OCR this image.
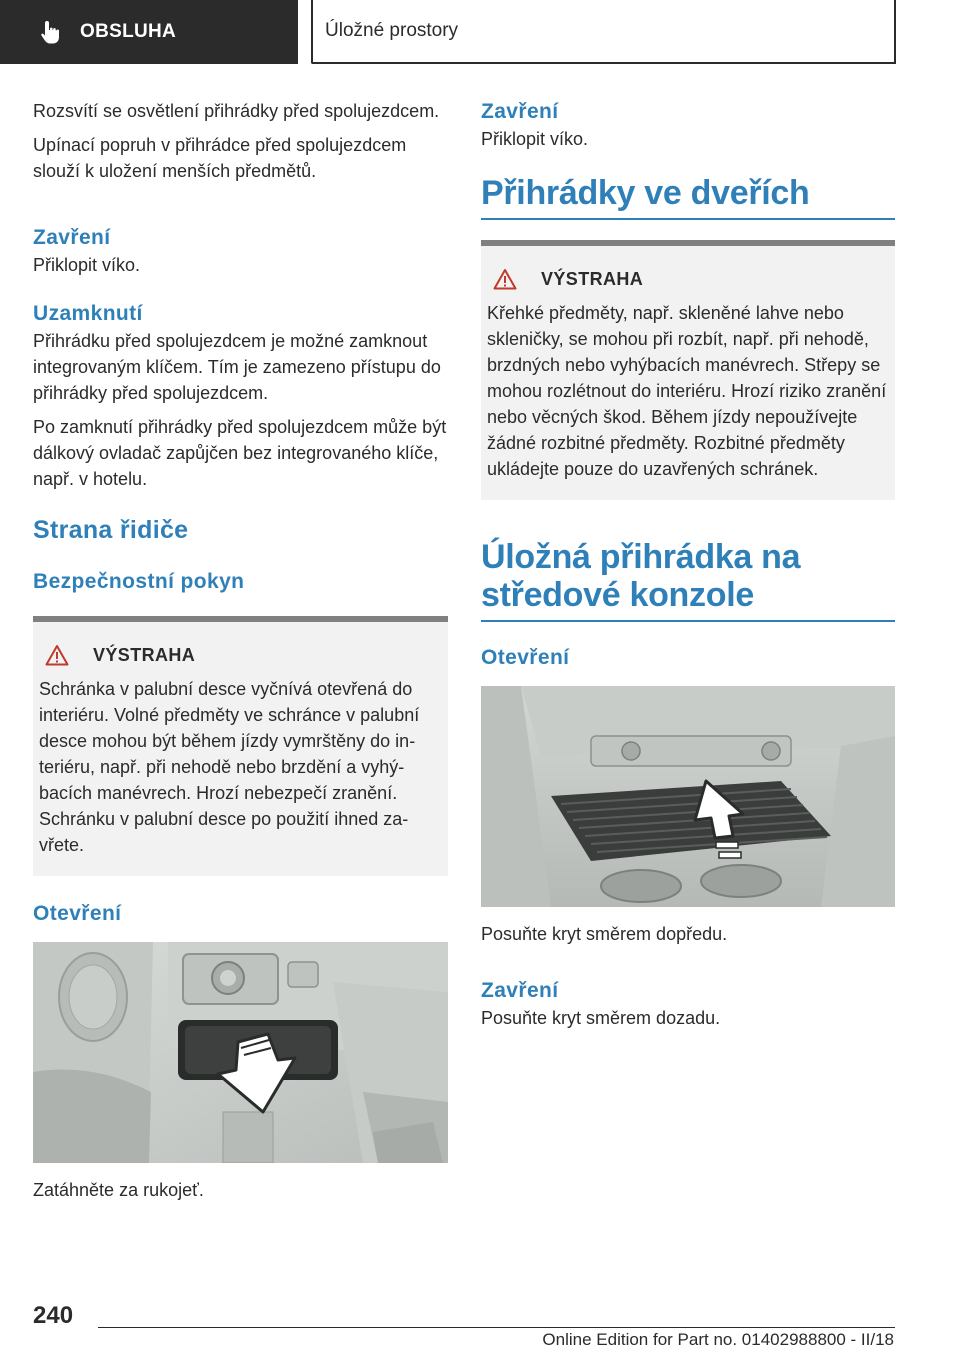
OBSLUHA	Úložné prostory

Rozsvítí se osvětlení přihrádky před spolujezdcem.

Upínací popruh v přihrádce před spolujezdcem slouží k uložení menších předmětů.

Zavření

Přiklopit víko.

Uzamknutí

Přihrádku před spolujezdcem je možné zamknout integrovaným klíčem. Tím je zamezeno přístupu do přihrádky před spolujezdcem.

Po zamknutí přihrádky před spolujezdcem může být dálkový ovladač zapůjčen bez integrovaného klíče, např. v hotelu.

Strana řidiče
Bezpečnostní pokyn
VÝSTRAHA

Schránka v palubní desce vyčnívá otevřená do interiéru. Volné předměty ve schránce v palubní desce mohou být během jízdy vymrštěny do interiéru, např. při nehodě nebo brzdění a vyhýbacích manévrech. Hrozí nebezpečí zranění. Schránku v palubní desce po použití ihned zavřete.

Otevření

Zatáhněte za rukojeť.

Zavření

Přiklopit víko.

Přihrádky ve dveřích
VÝSTRAHA

Křehké předměty, např. skleněné lahve nebo skleničky, se mohou při rozbít, např. při nehodě, brzdných nebo vyhýbacích manévrech. Střepy se mohou rozlétnout do interiéru. Hrozí riziko zranění nebo věcných škod. Během jízdy nepoužívejte žádné rozbitné předměty. Rozbitné předměty ukládejte pouze do uzavřených schránek.

Úložná přihrádka na středové konzole
Otevření

Posuňte kryt směrem dopředu.

Zavření

Posuňte kryt směrem dozadu.

240
Online Edition for Part no. 01402988800 - II/18
